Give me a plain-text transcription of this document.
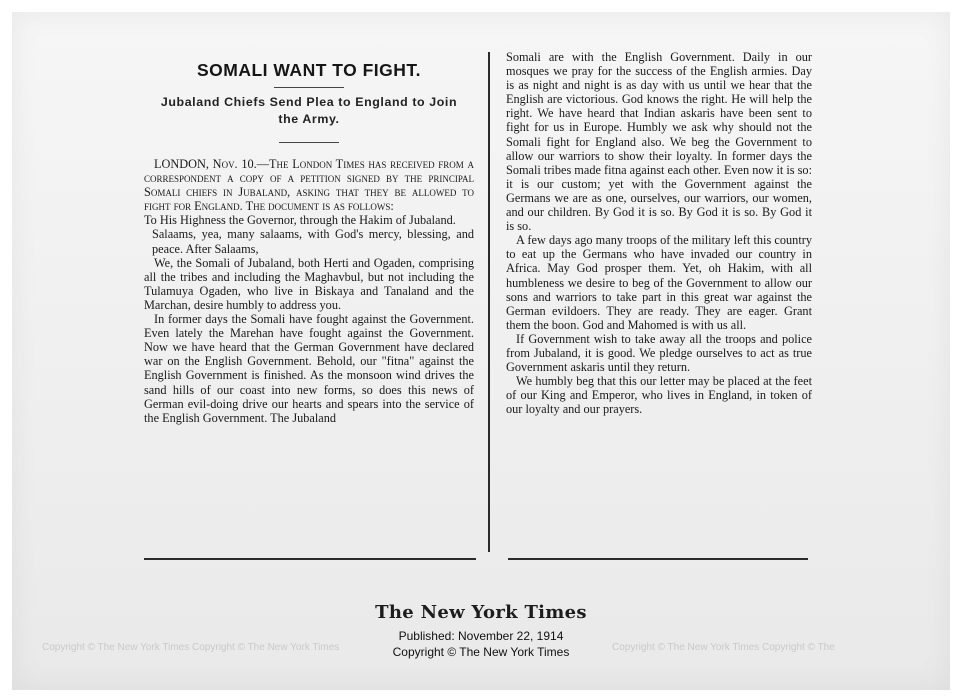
SOMALI WANT TO FIGHT.
Jubaland Chiefs Send Plea to England to Join the Army.

LONDON, Nov. 10.—The London Times has received from a correspondent a copy of a petition signed by the principal Somali chiefs in Jubaland, asking that they be allowed to fight for England. The document is as follows:

To His Highness the Governor, through the Hakim of Jubaland.

Salaams, yea, many salaams, with God's mercy, blessing, and peace. After Salaams,

We, the Somali of Jubaland, both Herti and Ogaden, comprising all the tribes and including the Maghavbul, but not including the Tulamuya Ogaden, who live in Biskaya and Tanaland and the Marchan, desire humbly to address you.

In former days the Somali have fought against the Government. Even lately the Marehan have fought against the Government. Now we have heard that the German Government have declared war on the English Government. Behold, our "fitna" against the English Government is finished. As the monsoon wind drives the sand hills of our coast into new forms, so does this news of German evil-doing drive our hearts and spears into the service of the English Government. The Jubaland

Somali are with the English Government. Daily in our mosques we pray for the success of the English armies. Day is as night and night is as day with us until we hear that the English are victorious. God knows the right. He will help the right. We have heard that Indian askaris have been sent to fight for us in Europe. Humbly we ask why should not the Somali fight for England also. We beg the Government to allow our warriors to show their loyalty. In former days the Somali tribes made fitna against each other. Even now it is so: it is our custom; yet with the Government against the Germans we are as one, ourselves, our warriors, our women, and our children. By God it is so. By God it is so. By God it is so.

A few days ago many troops of the military left this country to eat up the Germans who have invaded our country in Africa. May God prosper them. Yet, oh Hakim, with all humbleness we desire to beg of the Government to allow our sons and warriors to take part in this great war against the German evildoers. They are ready. They are eager. Grant them the boon. God and Mahomed is with us all.

If Government wish to take away all the troops and police from Jubaland, it is good. We pledge ourselves to act as true Government askaris until they return.

We humbly beg that this our letter may be placed at the feet of our King and Emperor, who lives in England, in token of our loyalty and our prayers.

The New York Times
Published: November 22, 1914
Copyright © The New York Times
Copyright © The New York Times Copyright © The New York Times	Copyright © The New York Times Copyright © The
